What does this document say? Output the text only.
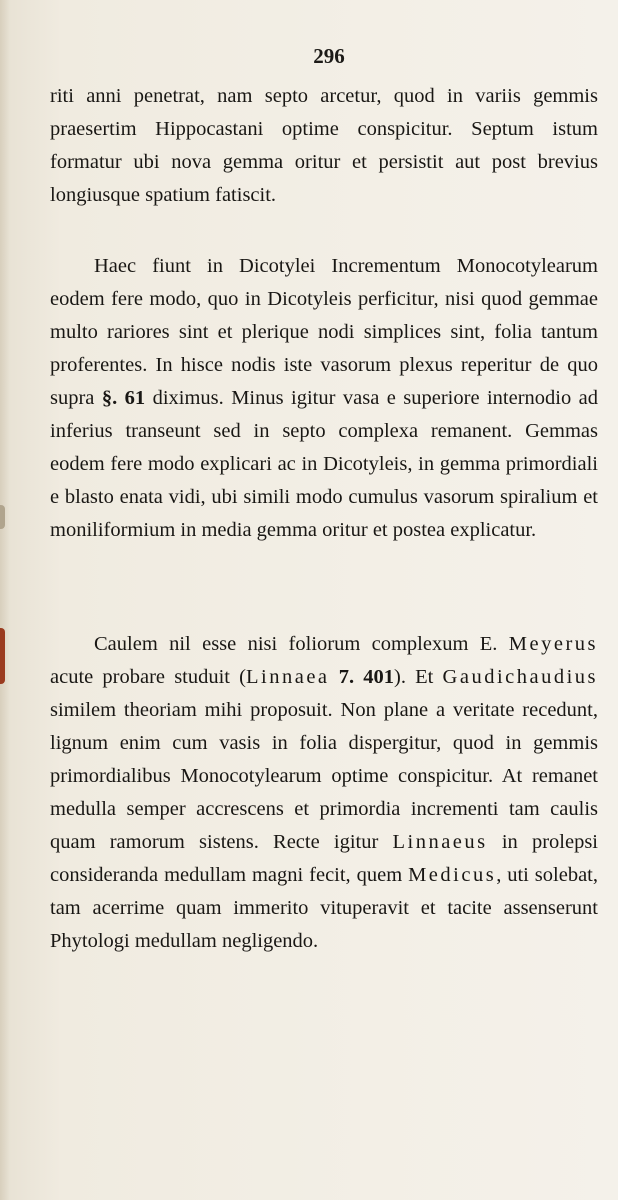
296

riti anni penetrat, nam septo arcetur, quod in variis gemmis praesertim Hippocastani optime conspicitur. Septum istum formatur ubi nova gemma oritur et persistit aut post brevius longiusque spatium fatiscit.

Haec fiunt in Dicotylei Incrementum Monocotylearum eodem fere modo, quo in Dicotyleis perficitur, nisi quod gemmae multo rariores sint et plerique nodi simplices sint, folia tantum proferentes. In hisce nodis iste vasorum plexus reperitur de quo supra §. 61 diximus. Minus igitur vasa e superiore internodio ad inferius transeunt sed in septo complexa remanent. Gemmas eodem fere modo explicari ac in Dicotyleis, in gemma primordiali e blasto enata vidi, ubi simili modo cumulus vasorum spiralium et moniliformium in media gemma oritur et postea explicatur.

Caulem nil esse nisi foliorum complexum E. Meyerus acute probare studuit (Linnaea 7. 401). Et Gaudichaudius similem theoriam mihi proposuit. Non plane a veritate recedunt, lignum enim cum vasis in folia dispergitur, quod in gemmis primordialibus Monocotylearum optime conspicitur. At remanet medulla semper accrescens et primordia incrementi tam caulis quam ramorum sistens. Recte igitur Linnaeus in prolepsi consideranda medullam magni fecit, quem Medicus, uti solebat, tam acerrime quam immerito vituperavit et tacite assenserunt Phytologi medullam negligendo.
